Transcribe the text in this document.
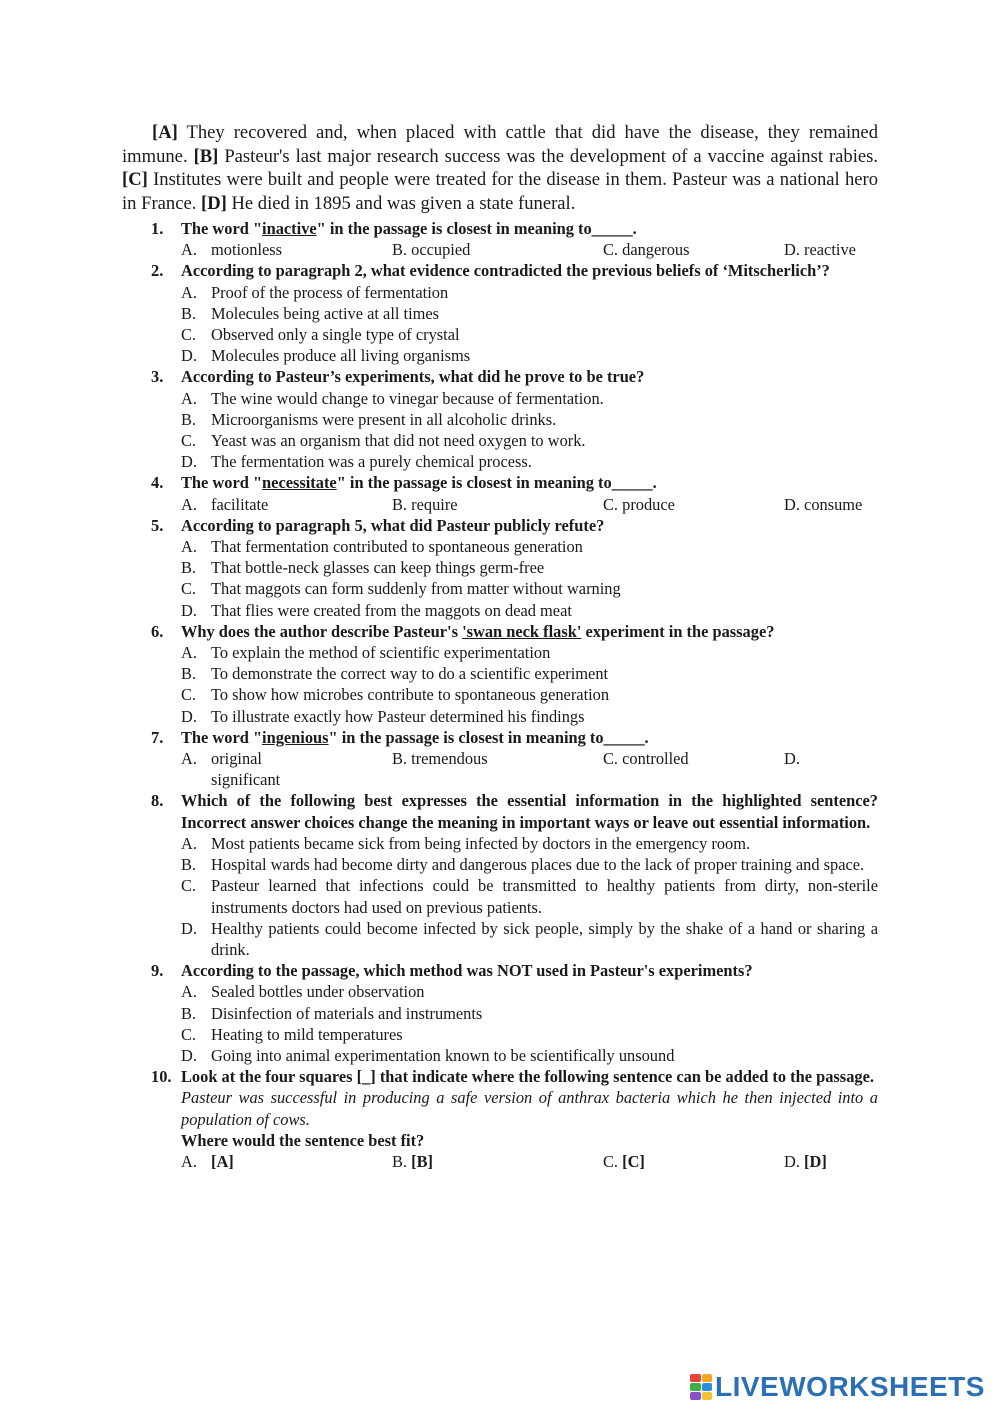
[A] They recovered and, when placed with cattle that did have the disease, they remained immune. [B] Pasteur's last major research success was the development of a vaccine against rabies. [C] Institutes were built and people were treated for the disease in them. Pasteur was a national hero in France. [D] He died in 1895 and was given a state funeral.

1. The word "inactive" in the passage is closest in meaning to_____.
A. motionless	B. occupied	C. dangerous	D. reactive
2. According to paragraph 2, what evidence contradicted the previous beliefs of ‘Mitscherlich’?
A. Proof of the process of fermentation
B. Molecules being active at all times
C. Observed only a single type of crystal
D. Molecules produce all living organisms
3. According to Pasteur’s experiments, what did he prove to be true?
A. The wine would change to vinegar because of fermentation.
B. Microorganisms were present in all alcoholic drinks.
C. Yeast was an organism that did not need oxygen to work.
D. The fermentation was a purely chemical process.
4. The word "necessitate" in the passage is closest in meaning to_____.
A. facilitate	B. require	C. produce	D. consume
5. According to paragraph 5, what did Pasteur publicly refute?
A. That fermentation contributed to spontaneous generation
B. That bottle-neck glasses can keep things germ-free
C. That maggots can form suddenly from matter without warning
D. That flies were created from the maggots on dead meat
6. Why does the author describe Pasteur's 'swan neck flask' experiment in the passage?
A. To explain the method of scientific experimentation
B. To demonstrate the correct way to do a scientific experiment
C. To show how microbes contribute to spontaneous generation
D. To illustrate exactly how Pasteur determined his findings
7. The word "ingenious" in the passage is closest in meaning to_____.
A. original	B. tremendous	C. controlled	D.
significant
8. Which of the following best expresses the essential information in the highlighted sentence? Incorrect answer choices change the meaning in important ways or leave out essential information.
A. Most patients became sick from being infected by doctors in the emergency room.
B. Hospital wards had become dirty and dangerous places due to the lack of proper training and space.
C. Pasteur learned that infections could be transmitted to healthy patients from dirty, non-sterile instruments doctors had used on previous patients.
D. Healthy patients could become infected by sick people, simply by the shake of a hand or sharing a drink.
9. According to the passage, which method was NOT used in Pasteur's experiments?
A. Sealed bottles under observation
B. Disinfection of materials and instruments
C. Heating to mild temperatures
D. Going into animal experimentation known to be scientifically unsound
10. Look at the four squares [_] that indicate where the following sentence can be added to the passage.
Pasteur was successful in producing a safe version of anthrax bacteria which he then injected into a population of cows.
Where would the sentence best fit?
A. [A]	B. [B]	C. [C]	D. [D]
LIVEWORKSHEETS
